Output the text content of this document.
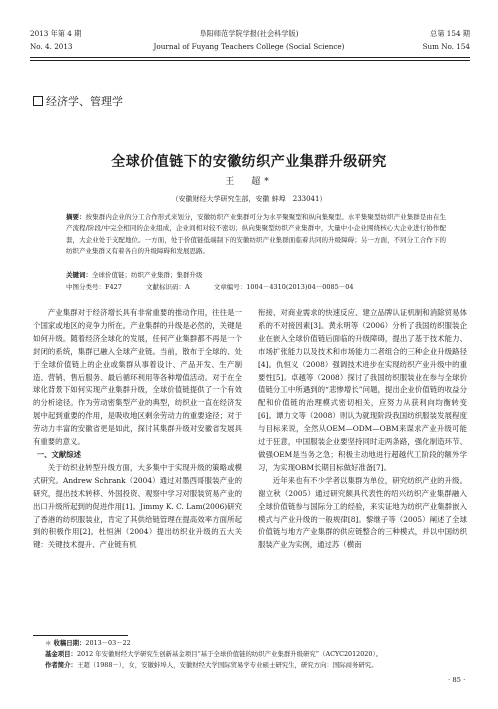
2013 年第 4 期	阜阳师范学院学报(社会科学版)	总第 154 期
No. 4. 2013	Journal of Fuyang Teachers College (Social Science)	Sum No. 154
经济学、管理学
全球价值链下的安徽纺织产业集群升级研究
王　超*
（安徽财经大学研究生部，安徽 蚌埠　233041）
摘要：按集群内企业的分工合作形式来划分，安徽纺织产业集群可分为水平聚聚型和纵向集聚型。水平集聚型纺织产业集群是由在生产流程/阶段/中完全相同的企业组成，企业间相对较不密切；纵向集聚型纺织产业集群中，大量中小企业围绕核心大企业进行协作配套，大企业处于支配地位。一方面，处于价值链低端制下的安徽纺织产业集群面临着共同的升级障碍；另一方面，不同分工合作下的纺织产业集群又有着各自的升级障碍和发展思路。
关键词：全球价值链；纺织产业集群；集群升级
中图分类号：F427	文献标识码：A	文章编号：1004－4310(2013)04－0085－04

产业集群对于经济增长具有非常重要的推动作用，往往是一个国家或地区的竞争力所在。产业集群的升级是必然的，关键是如何升级。随着经济全球化的发展，任何产业集群都不再是一个封闭的系统，集群已融入全球产业链。当前，散布于全球的、处于全球价值链上的企业或集群从事着设计、产品开发、生产制造、营销、售后服务、最后循环利用等各种增值活动。对于在全球化背景下如何实现产业集群升级，全球价值链提供了一个有效的分析途径。作为劳动密集型产业的典型，纺织业一直在经济发展中起到重要的作用，是吸收地区剩余劳动力的重要途径；对于劳动力丰富的安徽省更是如此，探讨其集群升级对安徽省发展具有重要的意义。

一、文献综述

关于纺织业转型升级方面，大多集中于实现升级的策略或模式研究。Andrew Schrank（2004）通过对墨西哥服装产业的研究，提出技术转移、外国投资、观察中学习对服装贸易产业的出口升级所起到的促进作用[1]。Jimmy K. C. Lam(2006)研究了香港的纺织服装业，肯定了其供给链管理在提高效率方面所起到的积极作用[2]。杜恒洲（2004）提出纺织业升级的五大关键：关键技术提升、产业链有机

衔接、对商业需求的快速反应、建立品牌认证机制和消除贸易体系的不对接因素[3]。黄永明等（2006）分析了我国纺织服装企业在嵌入全球价值链后面临的升级障碍，提出了基于技术能力、市场扩张能力以及技术和市场能力二者组合的三种企业升级路径[4]。仇恒义（2008）强调技术进步在实现纺织产业升级中的重要性[5]。卓越等（2008）探讨了我国纺织服装业在参与全球价值链分工中所遇到的“悲惨增长”问题，提出企业价值链的收益分配和价值链的治理模式密切相关，应努力从获利向均衡转变[6]。谭力文等（2008）则认为就现阶段我国纺织服装发展程度与目标来说，全然从OEM—ODM—OBM来谋求产业升级可能过于狂意，中国服装企业要坚持同时走两条路，强化制造环节、做强OEM是当务之急；积极主动地进行超越代工阶段的额外学习，为实现OBM长期目标做好准备[7]。

近年来也有不少学者以集群为单位，研究纺织产业的升级。谢立秋（2005）通过研究颇具代表性的绍兴纺织产业集群融入全球价值链参与国际分工的经验，来实证地为纺织产业集群嵌入模式与产业升级的一般规律[8]。黎继子等（2005）阐述了全球价值链与地方产业集群的供应链整合的三种模式，并以中国纺织服装产业为实例，通过苏（横南

＊ 收稿日期：2013－03－22
基金项目：2012 年安徽财经大学研究生创新基金项目“基于全球价值链的纺织产业集群升级研究”（ACYC2012020）。
作者简介：王超（1988－），女，安徽蚌埠人，安徽财经大学国际贸易学专业硕士研究生，研究方向：国际商务研究。
· 85 ·
